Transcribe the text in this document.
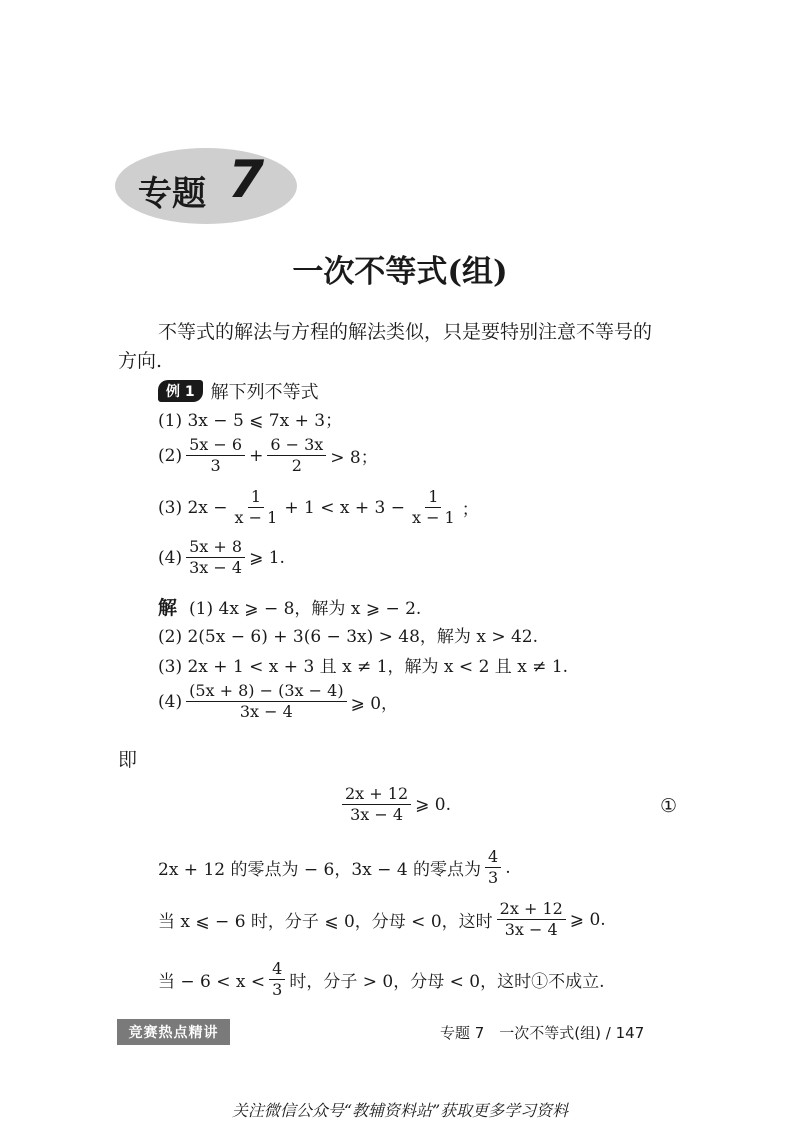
专题 7
一次不等式(组)
不等式的解法与方程的解法类似，只是要特别注意不等号的
方向.
例 1 解下列不等式
(1) 3x − 5 ⩽ 7x + 3；
$(2) \frac{5x - 6}{3} + \frac{6 - 3x}{2} > 8$；
(3) $2x - \frac{1}{x - 1} + 1 < x + 3 - \frac{1}{x - 1}$ ；
$(4) \frac{5x + 8}{3x - 4}$ ⩾ 1.
解 (1) 4x ⩾ − 8，解为 x ⩾ − 2.
(2) 2(5x − 6) + 3(6 − 3x) > 48，解为 x > 42.
(3) 2x + 1 < x + 3 且 x ≠ 1，解为 x < 2 且 x ≠ 1.
$(4) \frac{(5x + 8) - (3x - 4)}{3x - 4}$ ⩾ 0，
即
$\frac{2x + 12}{3x - 4}$ ⩾ 0.	①
2x + 12 的零点为 − 6，3x − 4 的零点为 $\frac{4}{3}$ .
当 x ⩽ − 6 时，分子 ⩽ 0，分母 < 0，这时 $\frac{2x + 12}{3x - 4}$ ⩾ 0.
当 − $6 < x < \frac{4}{3}$ 时，分子 > 0，分母 < 0，这时①不成立.
竞赛热点精讲	专题 7　一次不等式(组) / 147
关注微信公众号“教辅资料站”获取更多学习资料
